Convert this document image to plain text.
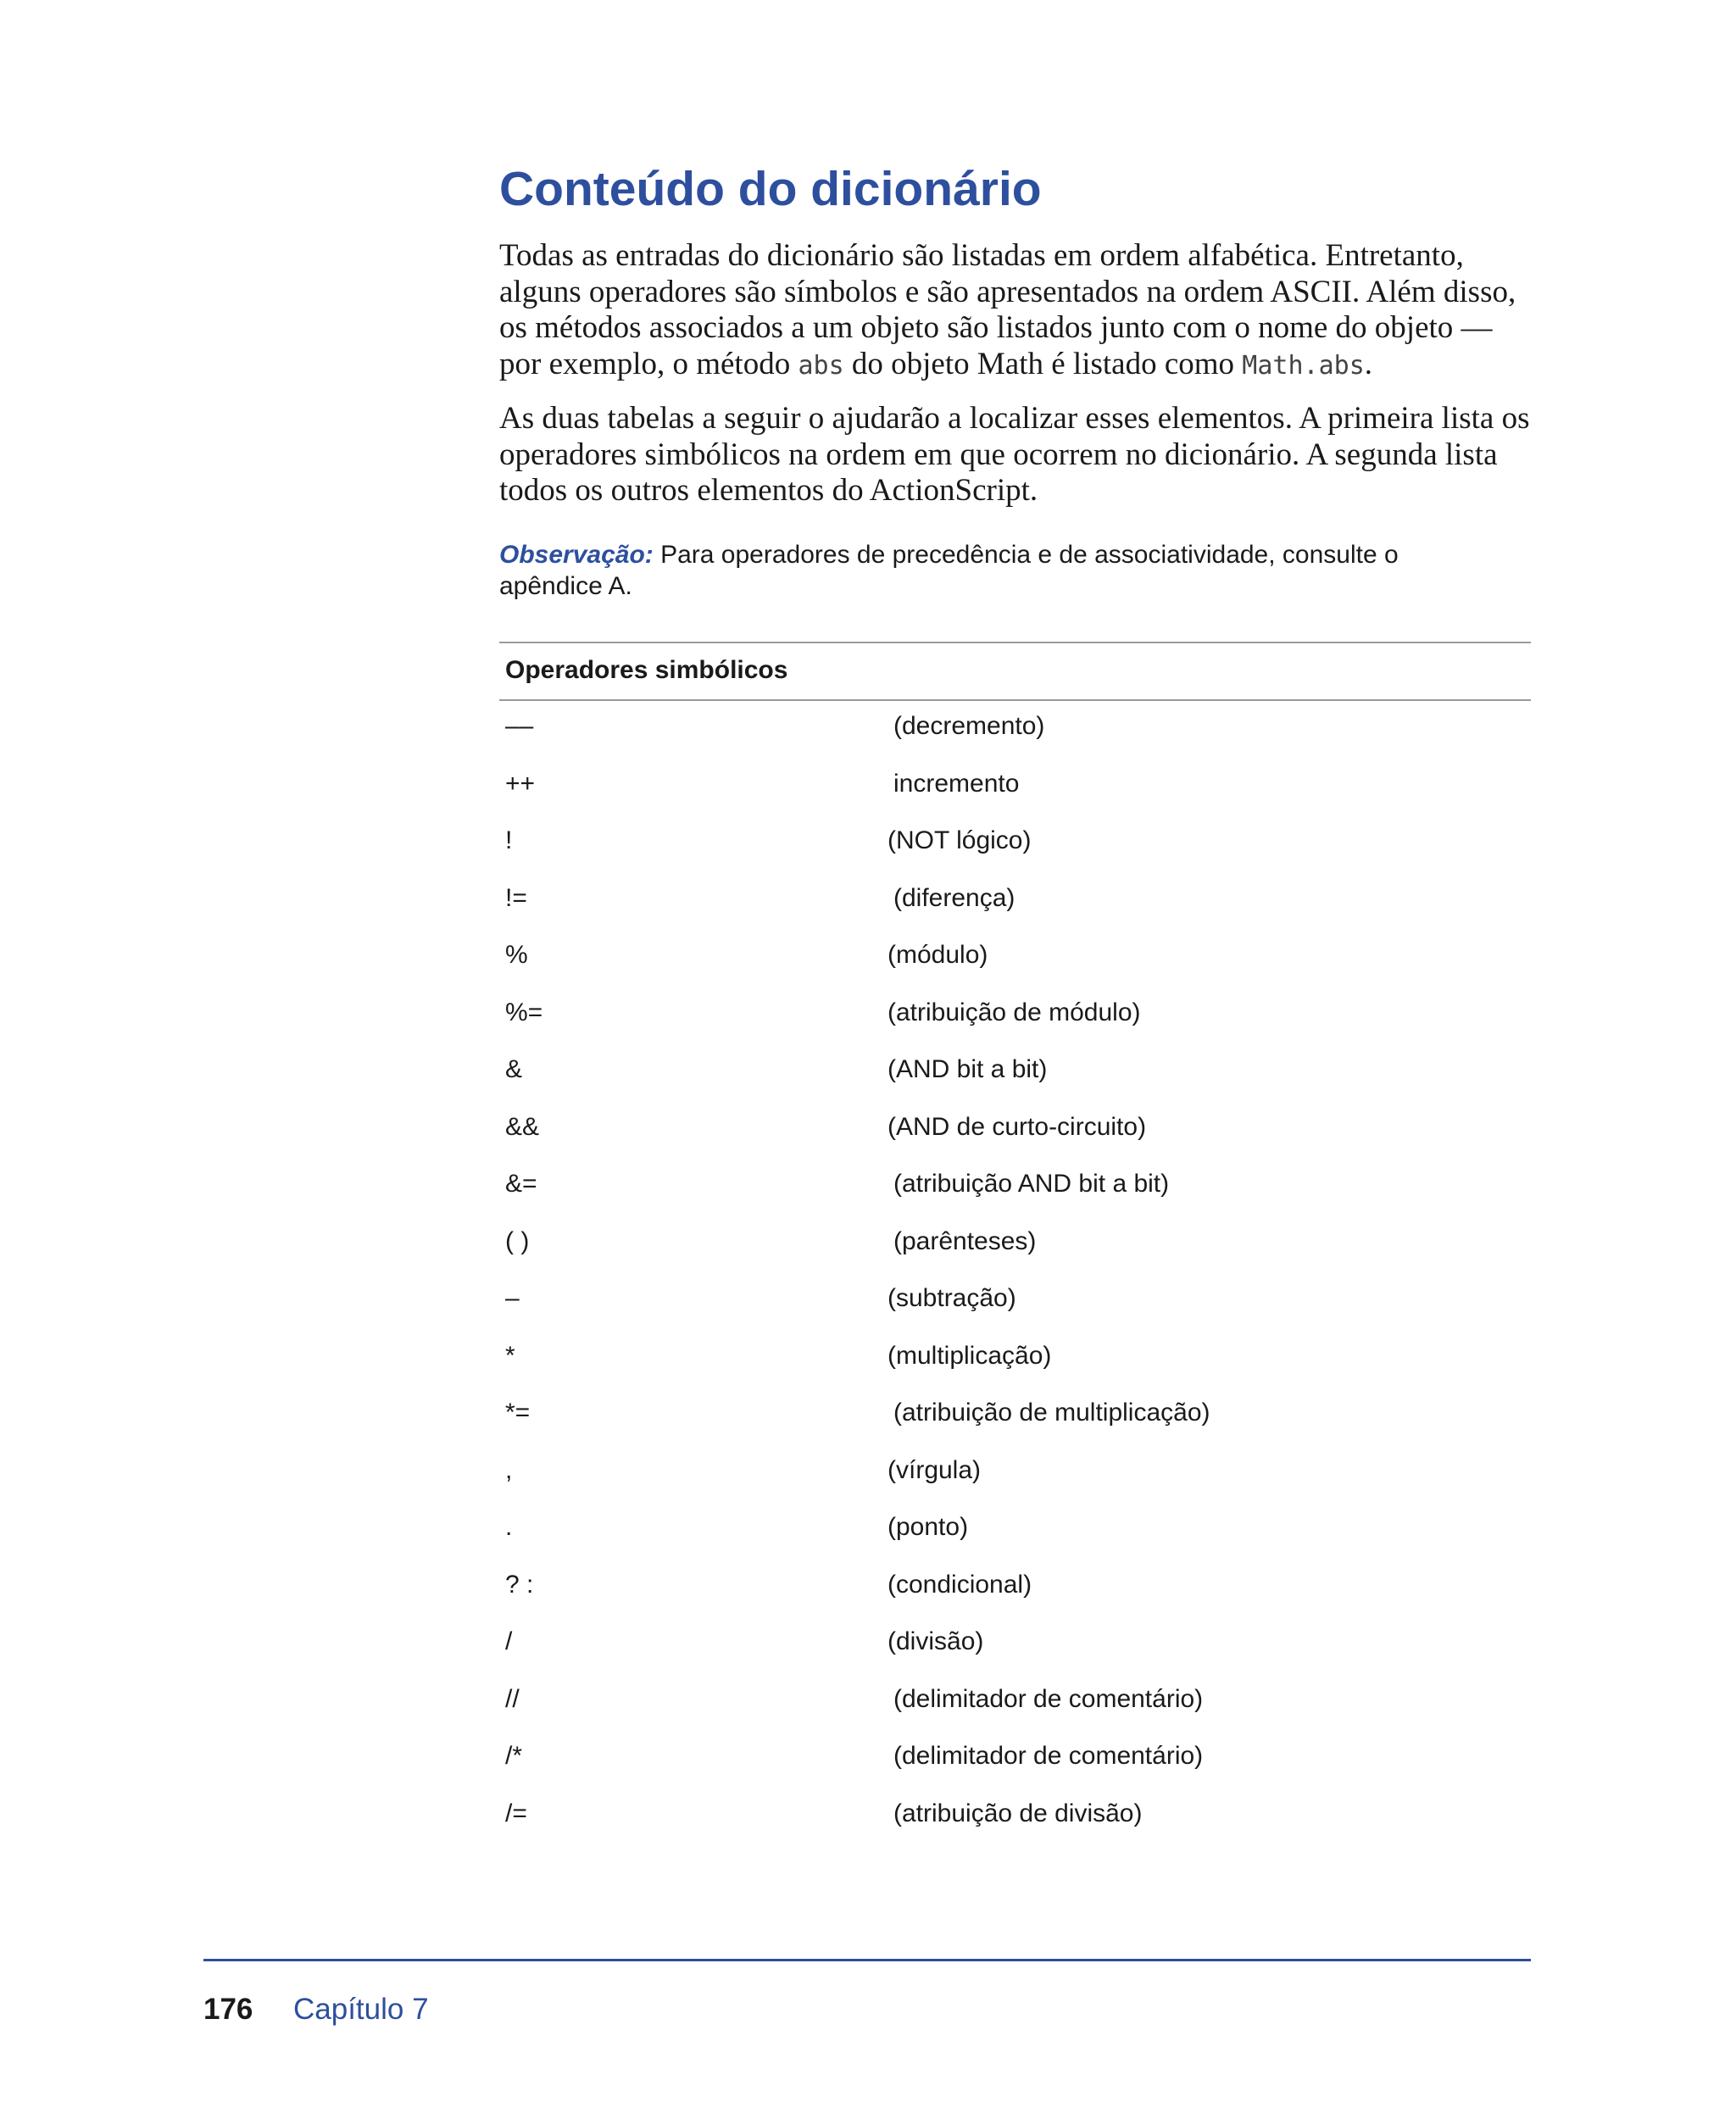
Conteúdo do dicionário

Todas as entradas do dicionário são listadas em ordem alfabética. Entretanto, alguns operadores são símbolos e são apresentados na ordem ASCII. Além disso, os métodos associados a um objeto são listados junto com o nome do objeto — por exemplo, o método abs do objeto Math é listado como Math.abs.

As duas tabelas a seguir o ajudarão a localizar esses elementos. A primeira lista os operadores simbólicos na ordem em que ocorrem no dicionário. A segunda lista todos os outros elementos do ActionScript.

Observação: Para operadores de precedência e de associatividade, consulte o apêndice A.

Operadores simbólicos
––	(decremento)
++	incremento
!	(NOT lógico)
!=	(diferença)
%	(módulo)
%=	(atribuição de módulo)
&	(AND bit a bit)
&&	(AND de curto-circuito)
&=	(atribuição AND bit a bit)
( )	(parênteses)
–	(subtração)
*	(multiplicação)
*=	(atribuição de multiplicação)
,	(vírgula)
.	(ponto)
? :	(condicional)
/	(divisão)
//	(delimitador de comentário)
/*	(delimitador de comentário)
/=	(atribuição de divisão)
176 Capítulo 7
